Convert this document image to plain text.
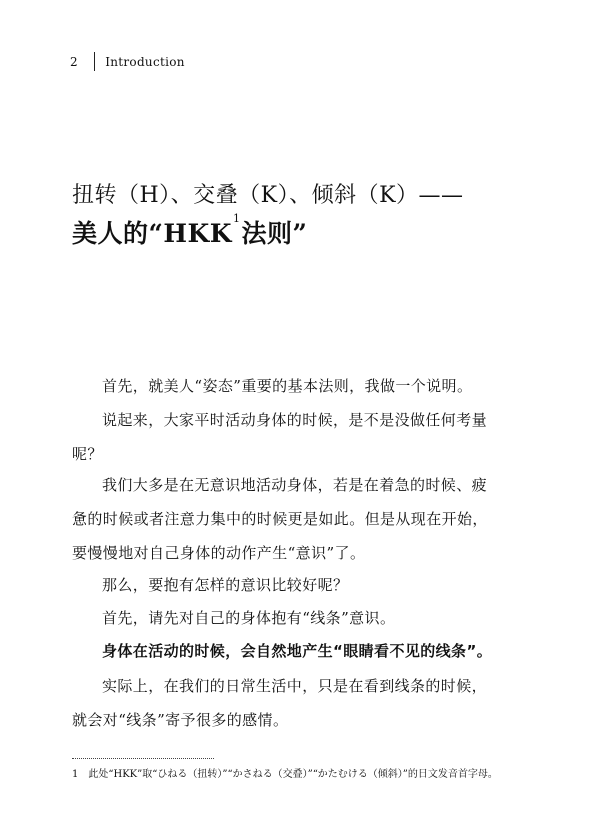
2	Introduction
扭转（H）、交叠（K）、倾斜（K）——
美人的“HKK$^1$法则”

首先，就美人“姿态”重要的基本法则，我做一个说明。

说起来，大家平时活动身体的时候，是不是没做任何考量呢？

我们大多是在无意识地活动身体，若是在着急的时候、疲惫的时候或者注意力集中的时候更是如此。但是从现在开始，要慢慢地对自己身体的动作产生“意识”了。

那么，要抱有怎样的意识比较好呢？

首先，请先对自己的身体抱有“线条”意识。

身体在活动的时候，会自然地产生“眼睛看不见的线条”。

实际上，在我们的日常生活中，只是在看到线条的时候，就会对“线条”寄予很多的感情。

1　此处“HKK”取“ひねる（扭转）”“かさねる（交叠）”“かたむける（倾斜）”的日文发音首字母。
